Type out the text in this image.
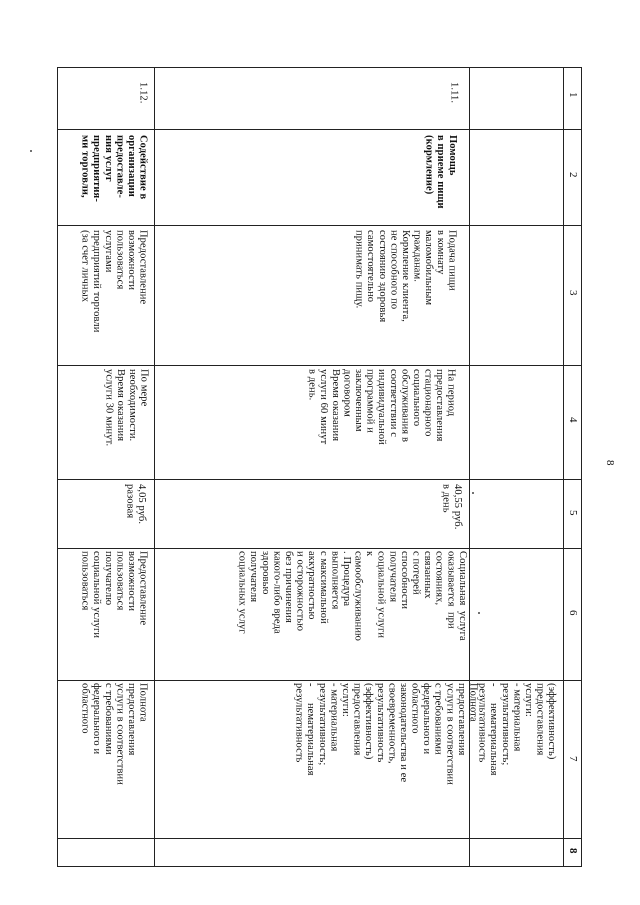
1
2
3
4
5
6
7
8
8
(эффективность)
предоставления
услуги:
- материальная
результативность;
-      нематериальная
результативность
1.11.
Помощь
в приеме пищи
(кормление)
Подача пищи
в комнату
маломобильным
гражданам.
Кормление клиента,
не способного по
состоянию здоровья
самостоятельно
принимать пищу.
На период
предоставления
стационарного
социального
обслуживания в
соответствии с
индивидуальной
программой и
заключенным
договором
Время оказания
услуги 60 минут
в день.
40,55 руб.
в день
Социальная  услуга
оказывается  при
состояниях,
связанных
с потерей
способности
получателя
социальной услуги
к
самообслуживанию
. Процедура
выполняется
с максимальной
аккуратностью
и осторожностью
без причинения
какого-либо вреда
здоровью
получателя
социальных услуг
Полнота
предоставления
услуги в соответствии
с требованиями
федерального и
областного
законодательства и ее
своевременность,
результативность
(эффективность)
предоставления
услуги:
- материальная
результативность;
-      нематериальная
результативность
1.12.
Содействие в
организации
предоставле-
ния услуг
предприятия-
ми торговли,
Предоставление
возможности
пользоваться
услугами
предприятий торговли
(за счет личных
По мере
необходимости.
Время оказания
услуги 30 минут.
4,05 руб.
разовая
Предоставление
возможности
пользоваться
получателю
социальной услуги
пользоваться
Полнота
предоставления
услуги в соответствии
с требованиями
федерального и
областного
